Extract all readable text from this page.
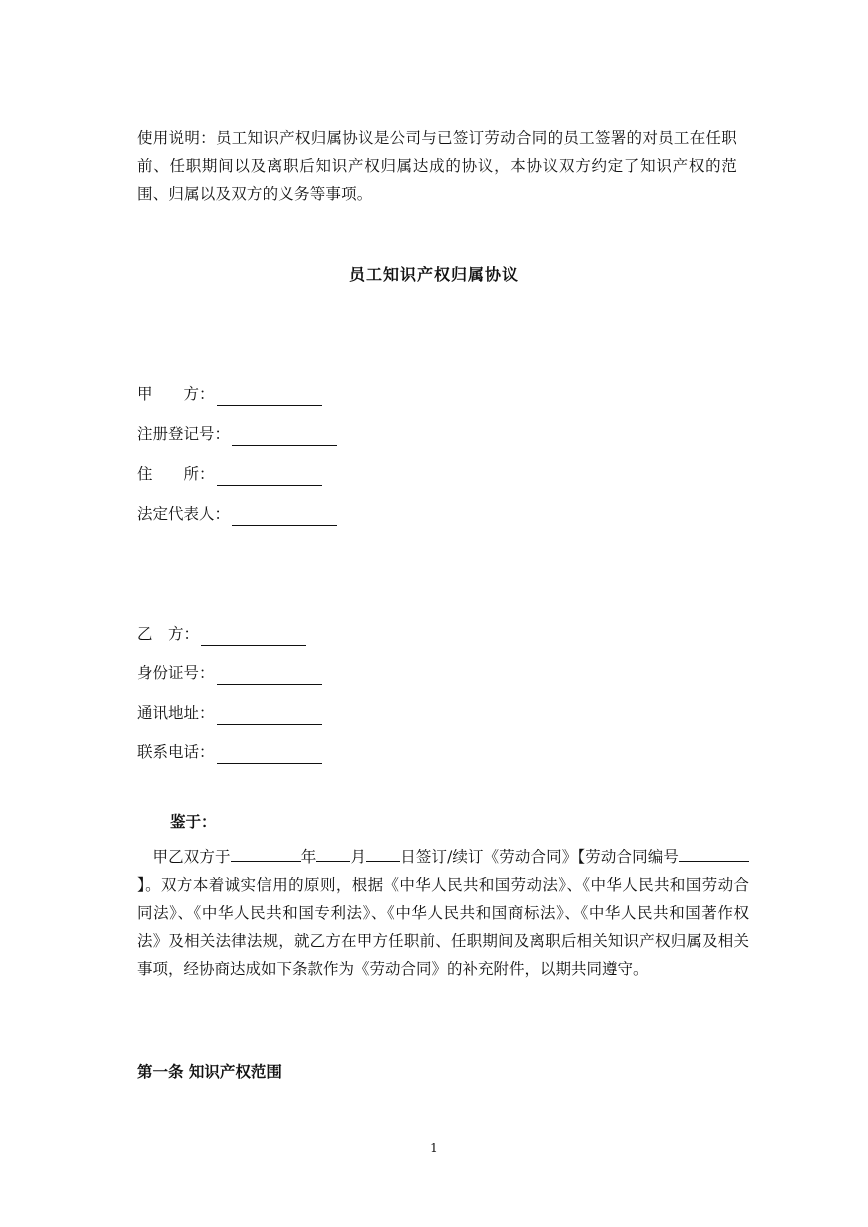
使用说明：员工知识产权归属协议是公司与已签订劳动合同的员工签署的对员工在任职前、任职期间以及离职后知识产权归属达成的协议，本协议双方约定了知识产权的范围、归属以及双方的义务等事项。

员工知识产权归属协议
甲　　方：
注册登记号：
住　　所：
法定代表人：
乙　方：
身份证号：
通讯地址：
联系电话：

鉴于：

甲乙双方于	年 月 日签订/续订《劳动合同》【劳动合同编号】。双方本着诚实信用的原则，根据《中华人民共和国劳动法》、《中华人民共和国劳动合同法》、《中华人民共和国专利法》、《中华人民共和国商标法》、《中华人民共和国著作权法》及相关法律法规，就乙方在甲方任职前、任职期间及离职后相关知识产权归属及相关事项，经协商达成如下条款作为《劳动合同》的补充附件，以期共同遵守。

第一条 知识产权范围

1
